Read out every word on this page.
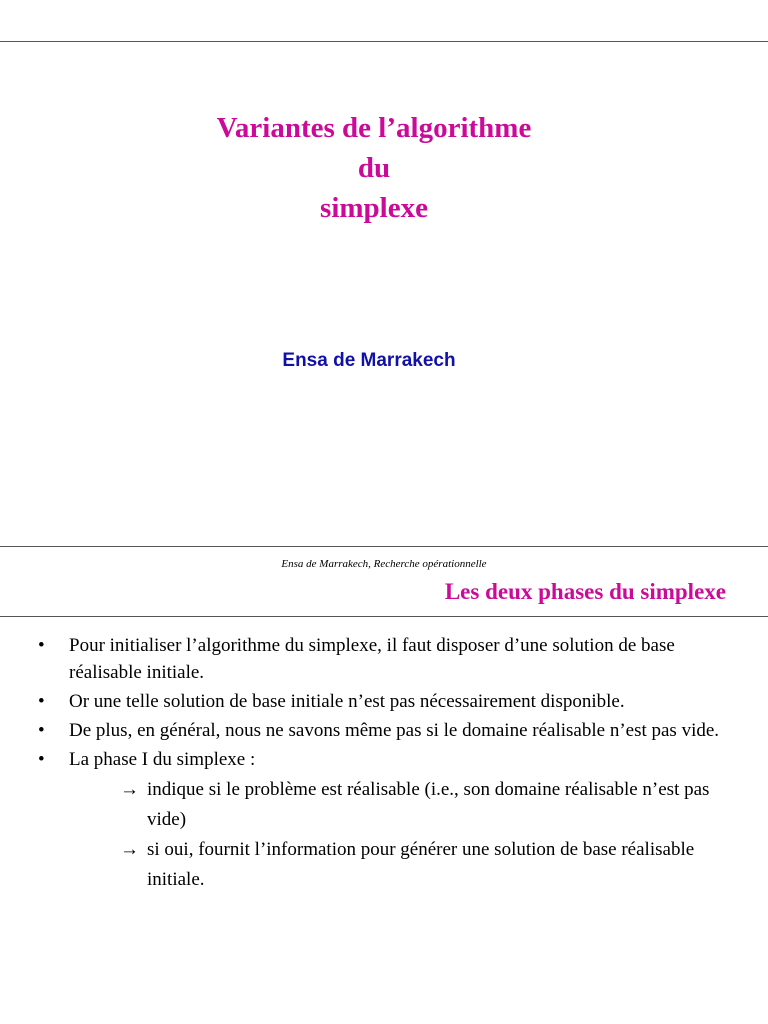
Variantes de l’algorithme
du
simplexe
Ensa de Marrakech
Ensa de Marrakech, Recherche opérationnelle
Les deux phases du simplexe
•	Pour initialiser l’algorithme du simplexe, il faut disposer d’une solution de base réalisable initiale.
•	Or une telle solution de base initiale n’est pas nécessairement disponible.
•	De plus, en général, nous ne savons même pas si le domaine réalisable n’est pas vide.
•	La phase I du simplexe :
→ indique si le problème est réalisable (i.e., son domaine réalisable n’est pas vide)
→ si oui, fournit l’information pour générer une solution de base réalisable initiale.
